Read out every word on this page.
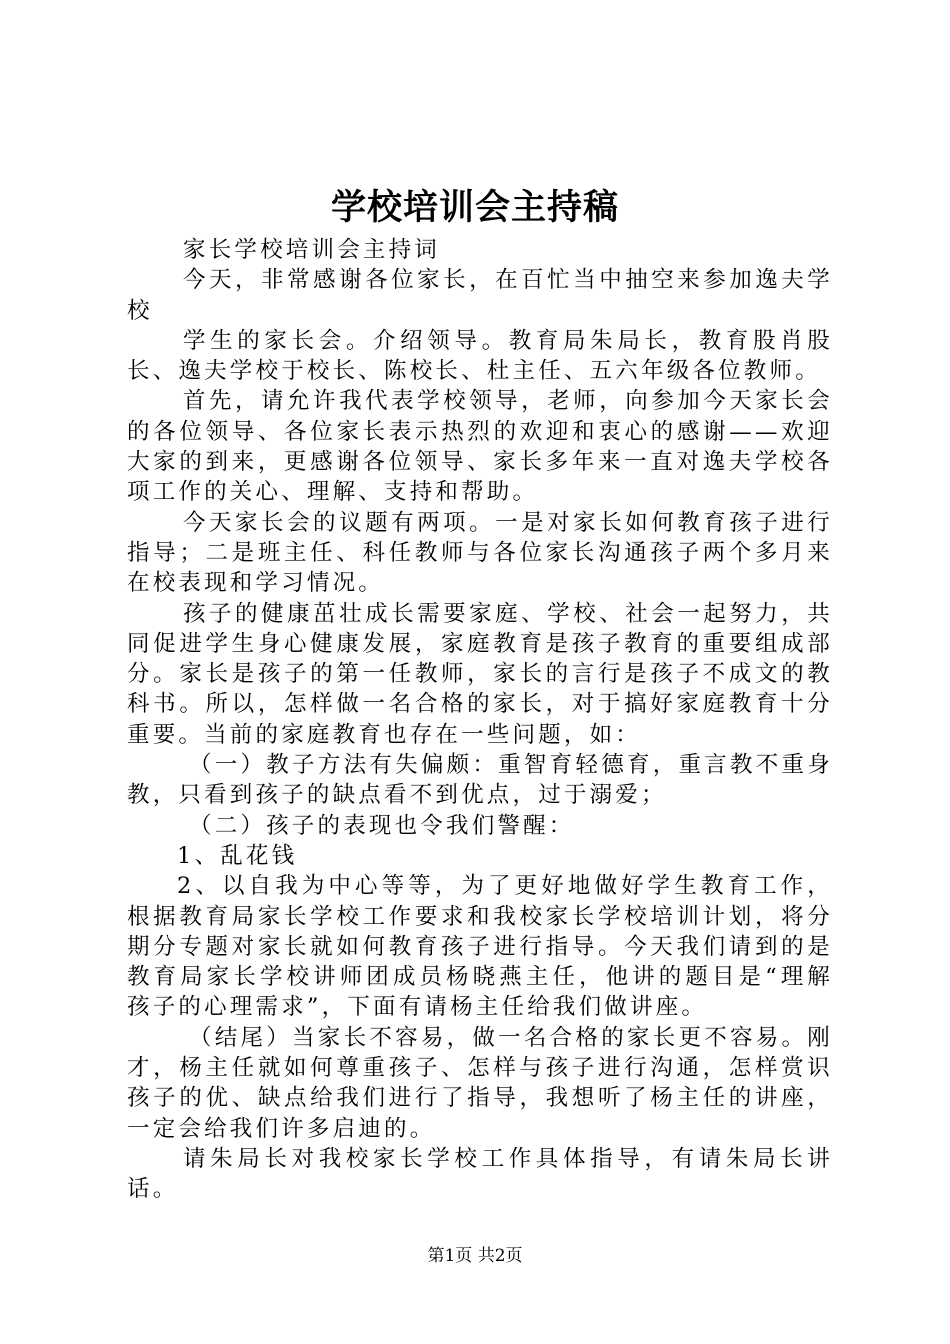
学校培训会主持稿

家长学校培训会主持词

今天，非常感谢各位家长，在百忙当中抽空来参加逸夫学校

学生的家长会。介绍领导。教育局朱局长，教育股肖股长、逸夫学校于校长、陈校长、杜主任、五六年级各位教师。

首先，请允许我代表学校领导，老师，向参加今天家长会的各位领导、各位家长表示热烈的欢迎和衷心的感谢——欢迎大家的到来，更感谢各位领导、家长多年来一直对逸夫学校各项工作的关心、理解、支持和帮助。

今天家长会的议题有两项。一是对家长如何教育孩子进行指导；二是班主任、科任教师与各位家长沟通孩子两个多月来在校表现和学习情况。

孩子的健康茁壮成长需要家庭、学校、社会一起努力，共同促进学生身心健康发展，家庭教育是孩子教育的重要组成部分。家长是孩子的第一任教师，家长的言行是孩子不成文的教科书。所以，怎样做一名合格的家长，对于搞好家庭教育十分重要。当前的家庭教育也存在一些问题，如：

（一）教子方法有失偏颇：重智育轻德育，重言教不重身教，只看到孩子的缺点看不到优点，过于溺爱；

（二）孩子的表现也令我们警醒：

1、乱花钱

2、以自我为中心等等，为了更好地做好学生教育工作，根据教育局家长学校工作要求和我校家长学校培训计划，将分期分专题对家长就如何教育孩子进行指导。今天我们请到的是教育局家长学校讲师团成员杨晓燕主任，他讲的题目是“理解孩子的心理需求”，下面有请杨主任给我们做讲座。

（结尾）当家长不容易，做一名合格的家长更不容易。刚才，杨主任就如何尊重孩子、怎样与孩子进行沟通，怎样赏识孩子的优、缺点给我们进行了指导，我想听了杨主任的讲座，一定会给我们许多启迪的。

请朱局长对我校家长学校工作具体指导，有请朱局长讲话。

第1页 共2页
